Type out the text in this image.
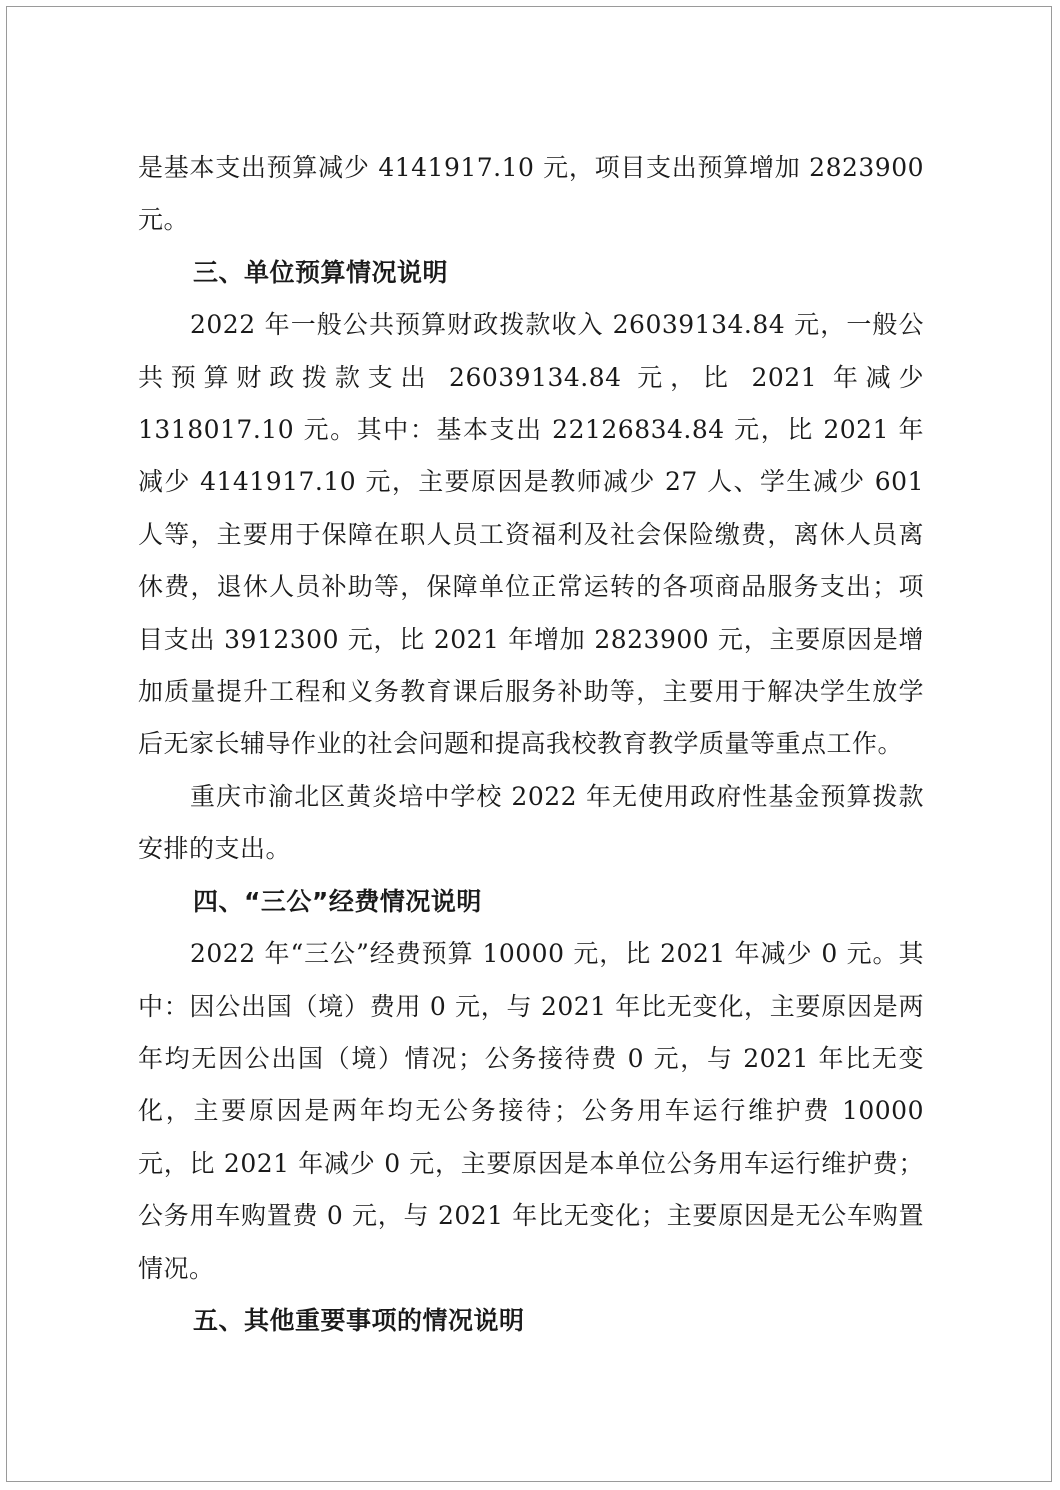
是基本支出预算减少 4141917.10 元，项目支出预算增加 2823900 元。

三、单位预算情况说明

2022 年一般公共预算财政拨款收入 26039134.84 元，一般公共预算财政拨款支出 26039134.84 元，比 2021 年减少 1318017.10 元。其中：基本支出 22126834.84 元，比 2021 年减少 4141917.10 元，主要原因是教师减少 27 人、学生减少 601 人等，主要用于保障在职人员工资福利及社会保险缴费，离休人员离休费，退休人员补助等，保障单位正常运转的各项商品服务支出；项目支出 3912300 元，比 2021 年增加 2823900 元，主要原因是增加质量提升工程和义务教育课后服务补助等，主要用于解决学生放学后无家长辅导作业的社会问题和提高我校教育教学质量等重点工作。

重庆市渝北区黄炎培中学校 2022 年无使用政府性基金预算拨款安排的支出。

四、“三公”经费情况说明

2022 年“三公”经费预算 10000 元，比 2021 年减少 0 元。其中：因公出国（境）费用 0 元，与 2021 年比无变化，主要原因是两年均无因公出国（境）情况；公务接待费 0 元，与 2021 年比无变化，主要原因是两年均无公务接待；公务用车运行维护费 10000 元，比 2021 年减少 0 元，主要原因是本单位公务用车运行维护费；公务用车购置费 0 元，与 2021 年比无变化；主要原因是无公车购置情况。

五、其他重要事项的情况说明
